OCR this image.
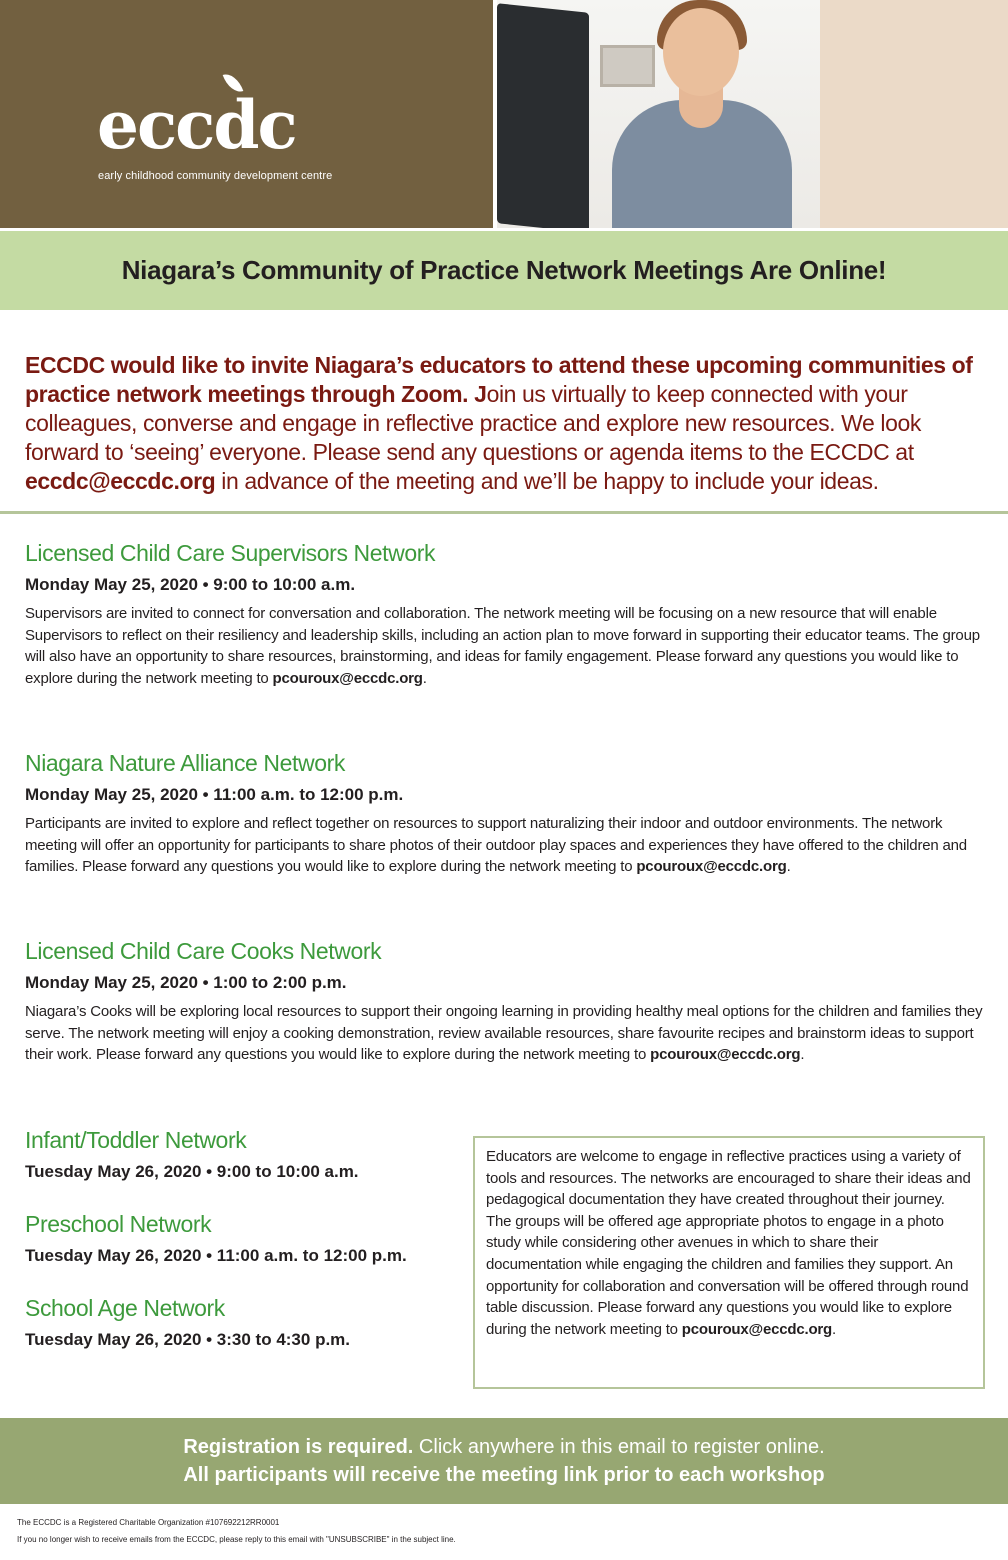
eccdc
early childhood community development centre
Niagara’s Community of Practice Network Meetings Are Online!
ECCDC would like to invite Niagara’s educators to attend these upcoming communities of practice network meetings through Zoom. Join us virtually to keep connected with your colleagues, converse and engage in reflective practice and explore new resources. We look forward to ‘seeing’ everyone. Please send any questions or agenda items to the ECCDC at eccdc@eccdc.org in advance of the meeting and we’ll be happy to include your ideas.
Licensed Child Care Supervisors Network
Monday May 25, 2020 • 9:00 to 10:00 a.m.
Supervisors are invited to connect for conversation and collaboration. The network meeting will be focusing on a new resource that will enable Supervisors to reflect on their resiliency and leadership skills, including an action plan to move forward in supporting their educator teams. The group will also have an opportunity to share resources, brainstorming, and ideas for family engagement. Please forward any questions you would like to explore during the network meeting to pcouroux@eccdc.org.
Niagara Nature Alliance Network
Monday May 25, 2020 • 11:00 a.m. to 12:00 p.m.
Participants are invited to explore and reflect together on resources to support naturalizing their indoor and outdoor environments. The network meeting will offer an opportunity for participants to share photos of their outdoor play spaces and experiences they have offered to the children and families. Please forward any questions you would like to explore during the network meeting to pcouroux@eccdc.org.
Licensed Child Care Cooks Network
Monday May 25, 2020 • 1:00 to 2:00 p.m.
Niagara’s Cooks will be exploring local resources to support their ongoing learning in providing healthy meal options for the children and families they serve. The network meeting will enjoy a cooking demonstration, review available resources, share favourite recipes and brainstorm ideas to support their work. Please forward any questions you would like to explore during the network meeting to pcouroux@eccdc.org.
Infant/Toddler Network
Tuesday May 26, 2020 • 9:00 to 10:00 a.m.
Preschool Network
Tuesday May 26, 2020 • 11:00 a.m. to 12:00 p.m.
School Age Network
Tuesday May 26, 2020 • 3:30 to 4:30 p.m.
Educators are welcome to engage in reflective practices using a variety of tools and resources. The networks are encouraged to share their ideas and pedagogical documentation they have created throughout their journey. The groups will be offered age appropriate photos to engage in a photo study while considering other avenues in which to share their documentation while engaging the children and families they support. An opportunity for collaboration and conversation will be offered through round table discussion. Please forward any questions you would like to explore during the network meeting to pcouroux@eccdc.org.
Registration is required. Click anywhere in this email to register online.
All participants will receive the meeting link prior to each workshop
The ECCDC is a Registered Charitable Organization #107692212RR0001
If you no longer wish to receive emails from the ECCDC, please reply to this email with "UNSUBSCRIBE" in the subject line.
